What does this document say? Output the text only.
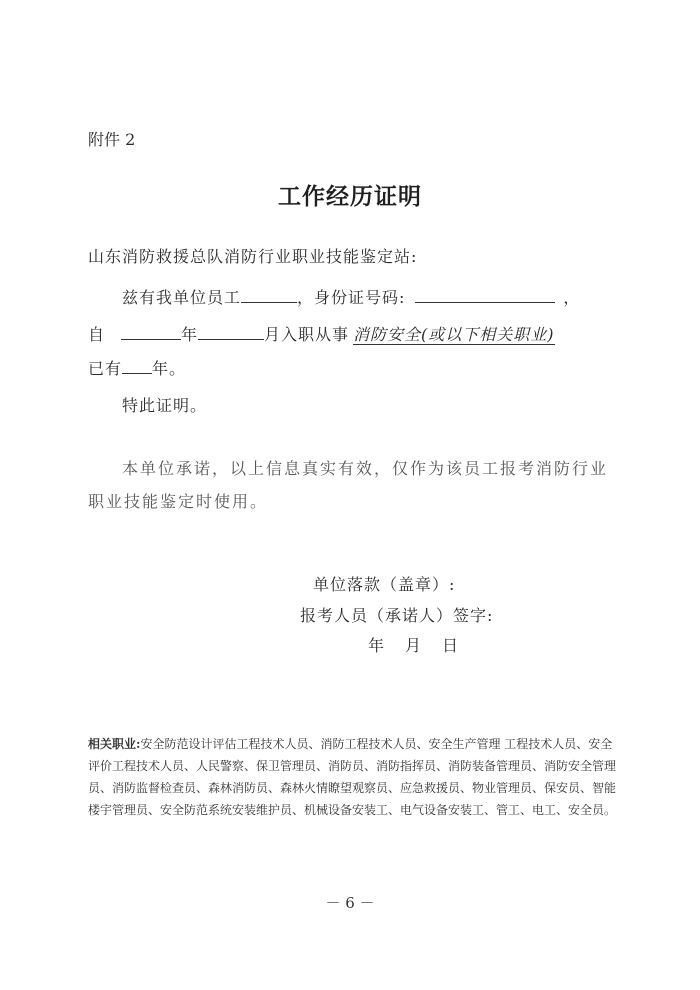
附件 2
工作经历证明
山东消防救援总队消防行业职业技能鉴定站:
兹有我单位员工	，身份证号码:	，
自	年	月入职从事 消防安全(或以下相关职业)
已有 年。
特此证明。
本单位承诺，以上信息真实有效，仅作为该员工报考消防行业职业技能鉴定时使用。
单位落款（盖章）:
报考人员（承诺人）签字:
年 月 日
相关职业:安全防范设计评估工程技术人员、消防工程技术人员、安全生产管理 工程技术人员、安全评价工程技术人员、人民警察、保卫管理员、消防员、消防指挥员、消防装备管理员、消防安全管理员、消防监督检查员、森林消防员、森林火情瞭望观察员、应急救援员、物业管理员、保安员、智能楼宇管理员、安全防范系统安装维护员、机械设备安装工、电气设备安装工、管工、电工、安全员。
－ 6 －
